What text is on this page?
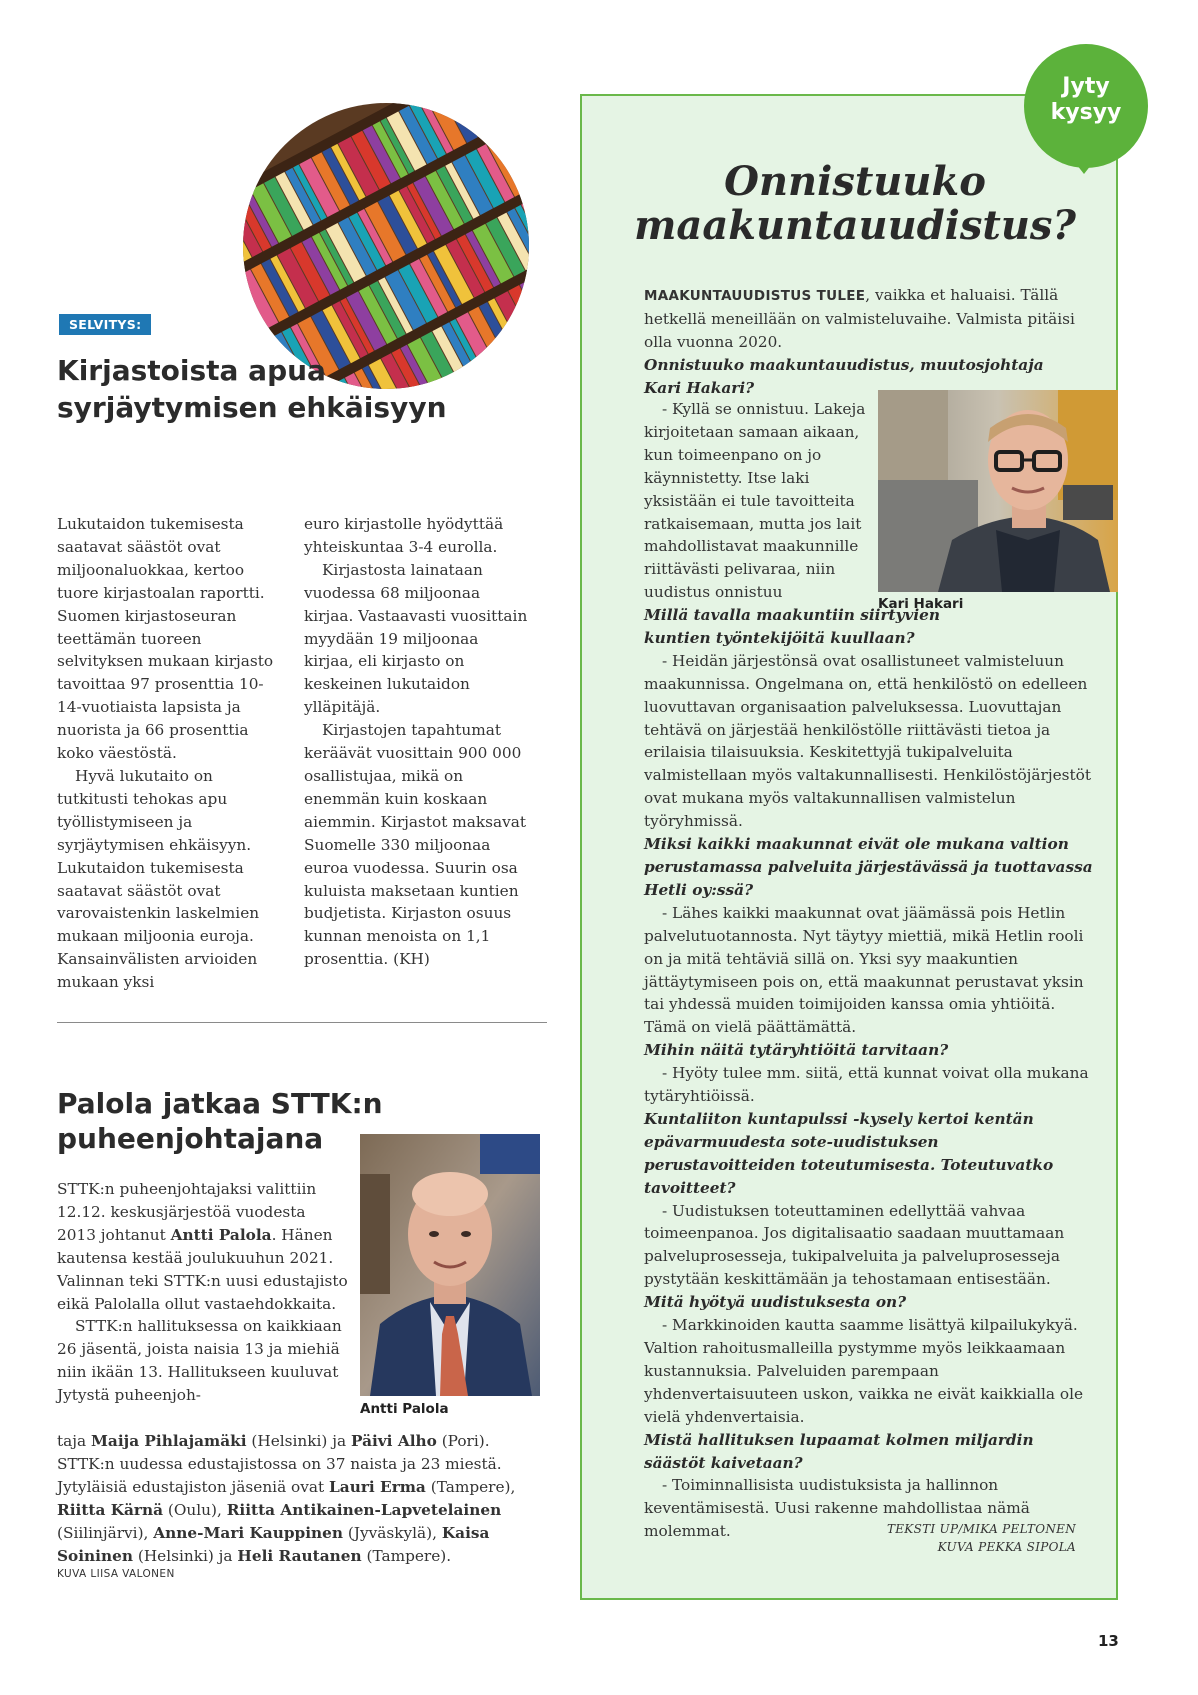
SELVITYS:
Kirjastoista apua syrjäytymisen ehkäisyyn

Lukutaidon tukemisesta saatavat säästöt ovat miljoonaluokkaa, kertoo tuore kirjastoalan raportti. Suomen kirjastoseuran teettämän tuoreen selvityksen mukaan kirjasto tavoittaa 97 prosenttia 10-14-vuotiaista lapsista ja nuorista ja 66 prosenttia koko väestöstä.

Hyvä lukutaito on tutkitusti tehokas apu työllistymiseen ja syrjäytymisen ehkäisyyn. Lukutaidon tukemisesta saatavat säästöt ovat varovaistenkin laskelmien mukaan miljoonia euroja. Kansainvälisten arvioiden mukaan yksi

euro kirjastolle hyödyttää yhteiskuntaa 3-4 eurolla.

Kirjastosta lainataan vuodessa 68 miljoonaa kirjaa. Vastaavasti vuosittain myydään 19 miljoonaa kirjaa, eli kirjasto on keskeinen lukutaidon ylläpitäjä.

Kirjastojen tapahtumat keräävät vuosittain 900 000 osallistujaa, mikä on enemmän kuin koskaan aiemmin. Kirjastot maksavat Suomelle 330 miljoonaa euroa vuodessa. Suurin osa kuluista maksetaan kuntien budjetista. Kirjaston osuus kunnan menoista on 1,1 prosenttia. (KH)

Palola jatkaa STTK:n puheenjohtajana
Antti Palola

STTK:n puheenjohtajaksi valittiin 12.12. keskusjärjestöä vuodesta 2013 johtanut Antti Palola. Hänen kautensa kestää joulukuuhun 2021. Valinnan teki STTK:n uusi edustajisto eikä Palolalla ollut vastaehdokkaita.

STTK:n hallituksessa on kaikkiaan 26 jäsentä, joista naisia 13 ja miehiä niin ikään 13. Hallitukseen kuuluvat Jytystä puheenjoh-

taja Maija Pihlajamäki (Helsinki) ja Päivi Alho (Pori). STTK:n uudessa edustajistossa on 37 naista ja 23 miestä. Jytyläisiä edustajiston jäseniä ovat Lauri Erma (Tampere), Riitta Kärnä (Oulu), Riitta Antikainen-Lapvetelainen (Siilinjärvi), Anne-Mari Kauppinen (Jyväskylä), Kaisa Soininen (Helsinki) ja Heli Rautanen (Tampere).

KUVA LIISA VALONEN
Jyty
kysyy
Onnistuuko
maakuntauudistus?

MAAKUNTAUUDISTUS TULEE, vaikka et haluaisi. Tällä hetkellä meneillään on valmisteluvaihe. Valmista pitäisi olla vuonna 2020.

Onnistuuko maakuntauudistus, muutosjohtaja Kari Hakari?

- Kyllä se onnistuu. Lakeja kirjoitetaan samaan aikaan, kun toimeenpano on jo käynnistetty. Itse laki yksistään ei tule tavoitteita ratkaisemaan, mutta jos lait mahdollistavat maakunnille riittävästi pelivaraa, niin uudistus onnistuu

Kari Hakari

Millä tavalla maakuntiin siirtyvien kuntien työntekijöitä kuullaan?

- Heidän järjestönsä ovat osallistuneet valmisteluun maakunnissa. Ongelmana on, että henkilöstö on edelleen luovuttavan organisaation palveluksessa. Luovuttajan tehtävä on järjestää henkilöstölle riittävästi tietoa ja erilaisia tilaisuuksia. Keskitettyjä tukipalveluita valmistellaan myös valtakunnallisesti. Henkilöstöjärjestöt ovat mukana myös valtakunnallisen valmistelun työryhmissä.

Miksi kaikki maakunnat eivät ole mukana valtion perustamassa palveluita järjestävässä ja tuottavassa Hetli oy:ssä?

- Lähes kaikki maakunnat ovat jäämässä pois Hetlin palvelutuotannosta. Nyt täytyy miettiä, mikä Hetlin rooli on ja mitä tehtäviä sillä on. Yksi syy maakuntien jättäytymiseen pois on, että maakunnat perustavat yksin tai yhdessä muiden toimijoiden kanssa omia yhtiöitä. Tämä on vielä päättämättä.

Mihin näitä tytäryhtiöitä tarvitaan?

- Hyöty tulee mm. siitä, että kunnat voivat olla mukana tytäryhtiöissä.

Kuntaliiton kuntapulssi -kysely kertoi kentän epävarmuudesta sote-uudistuksen perustavoitteiden toteutumisesta. Toteutuvatko tavoitteet?

- Uudistuksen toteuttaminen edellyttää vahvaa toimeenpanoa. Jos digitalisaatio saadaan muuttamaan palveluprosesseja, tukipalveluita ja palveluprosesseja pystytään keskittämään ja tehostamaan entisestään.

Mitä hyötyä uudistuksesta on?

- Markkinoiden kautta saamme lisättyä kilpailukykyä. Valtion rahoitusmalleilla pystymme myös leikkaamaan kustannuksia. Palveluiden parempaan yhdenvertaisuuteen uskon, vaikka ne eivät kaikkialla ole vielä yhdenvertaisia.

Mistä hallituksen lupaamat kolmen miljardin säästöt kaivetaan?

- Toiminnallisista uudistuksista ja hallinnon keventämisestä. Uusi rakenne mahdollistaa nämä molemmat.	TEKSTI UP/MIKA PELTONEN
KUVA PEKKA SIPOLA
13
